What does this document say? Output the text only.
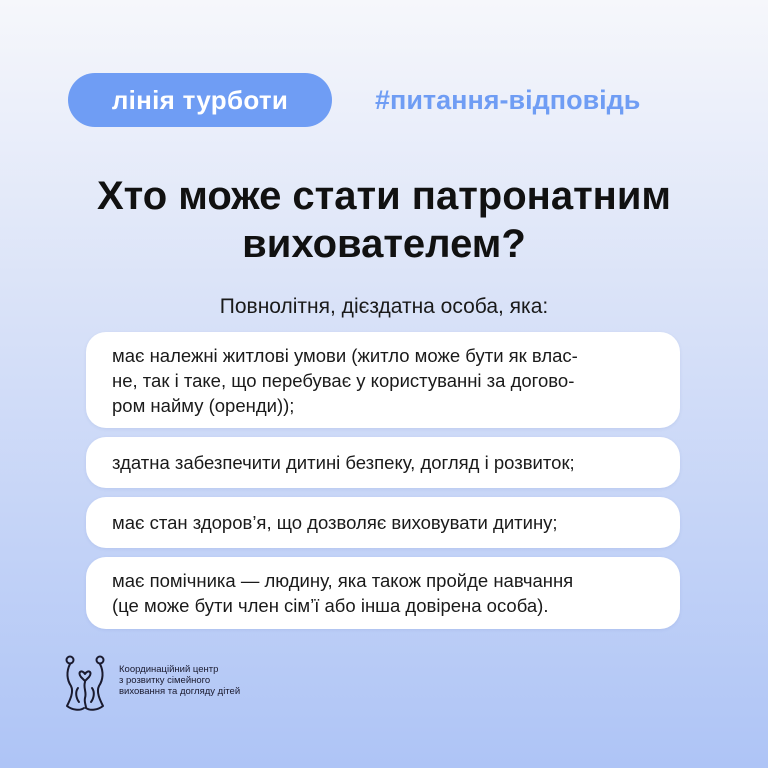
лінія турботи	#питання-відповідь
Хто може стати патронатним
вихователем?
Повнолітня, дієздатна особа, яка:
має належні житлові умови (житло може бути як влас-
не, так і таке, що перебуває у користуванні за догово-
ром найму (оренди));
здатна забезпечити дитині безпеку, догляд і розвиток;
має стан здоров’я, що дозволяє виховувати дитину;
має помічника — людину, яка також пройде навчання
(це може бути член сім’ї або інша довірена особа).
Координаційний центр
з розвитку сімейного
виховання та догляду дітей
